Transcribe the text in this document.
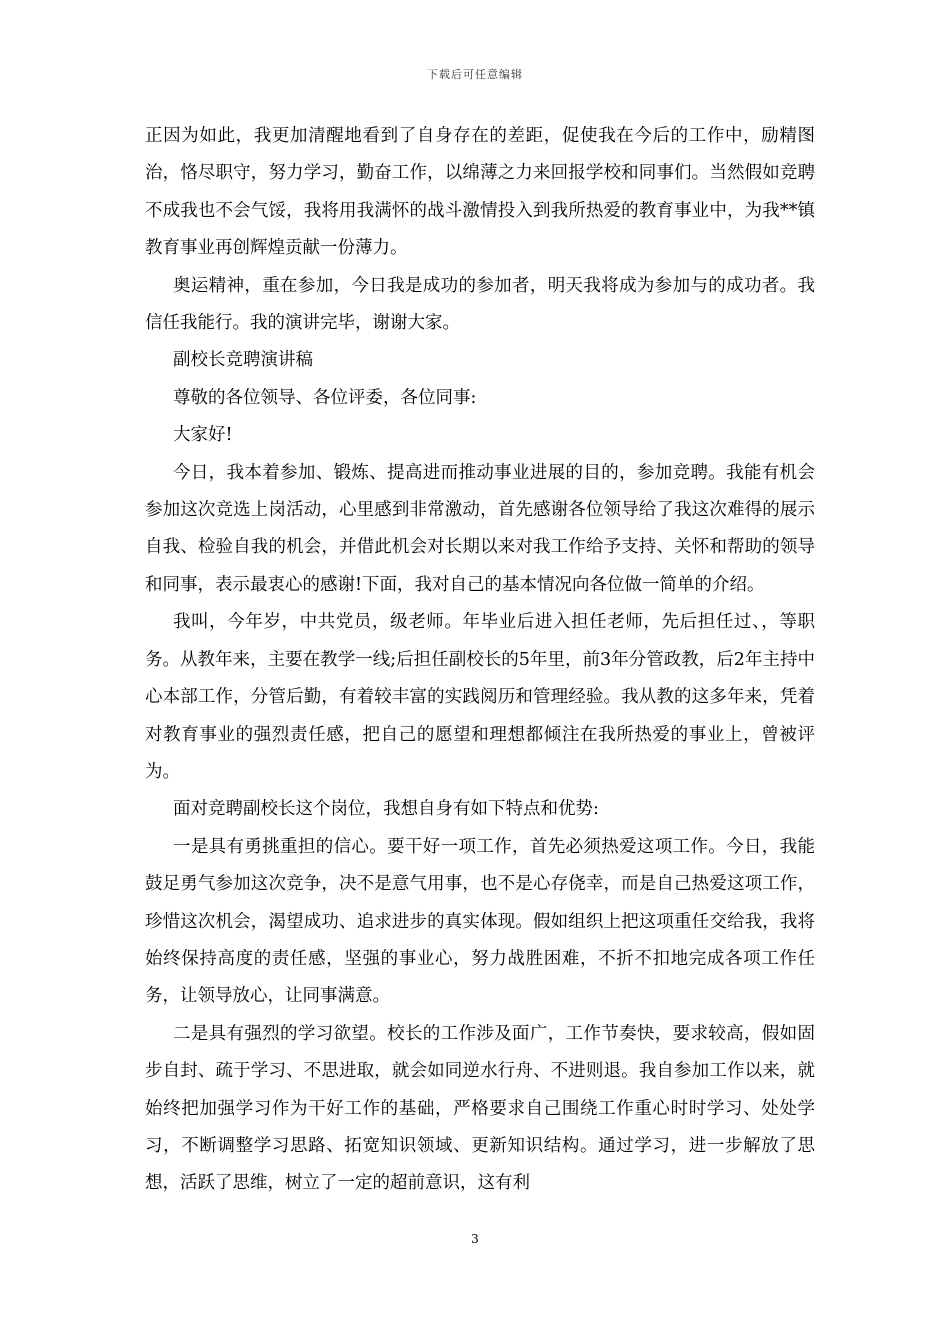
下载后可任意编辑

正因为如此，我更加清醒地看到了自身存在的差距，促使我在今后的工作中，励精图治，恪尽职守，努力学习，勤奋工作，以绵薄之力来回报学校和同事们。当然假如竞聘不成我也不会气馁，我将用我满怀的战斗激情投入到我所热爱的教育事业中，为我**镇教育事业再创辉煌贡献一份薄力。

奥运精神，重在参加，今日我是成功的参加者，明天我将成为参加与的成功者。我信任我能行。我的演讲完毕，谢谢大家。

副校长竞聘演讲稿

尊敬的各位领导、各位评委，各位同事:

大家好!

今日，我本着参加、锻炼、提高进而推动事业进展的目的，参加竞聘。我能有机会参加这次竞选上岗活动，心里感到非常激动，首先感谢各位领导给了我这次难得的展示自我、检验自我的机会，并借此机会对长期以来对我工作给予支持、关怀和帮助的领导和同事，表示最衷心的感谢!下面，我对自己的基本情况向各位做一简单的介绍。

我叫，今年岁，中共党员，级老师。年毕业后进入担任老师，先后担任过、，等职务。从教年来，主要在教学一线;后担任副校长的5年里，前3年分管政教，后2年主持中心本部工作，分管后勤，有着较丰富的实践阅历和管理经验。我从教的这多年来，凭着对教育事业的强烈责任感，把自己的愿望和理想都倾注在我所热爱的事业上，曾被评为。

面对竞聘副校长这个岗位，我想自身有如下特点和优势:

一是具有勇挑重担的信心。要干好一项工作，首先必须热爱这项工作。今日，我能鼓足勇气参加这次竞争，决不是意气用事，也不是心存侥幸，而是自己热爱这项工作，珍惜这次机会，渴望成功、追求进步的真实体现。假如组织上把这项重任交给我，我将始终保持高度的责任感，坚强的事业心，努力战胜困难，不折不扣地完成各项工作任务，让领导放心，让同事满意。

二是具有强烈的学习欲望。校长的工作涉及面广，工作节奏快，要求较高，假如固步自封、疏于学习、不思进取，就会如同逆水行舟、不进则退。我自参加工作以来，就始终把加强学习作为干好工作的基础，严格要求自己围绕工作重心时时学习、处处学习，不断调整学习思路、拓宽知识领域、更新知识结构。通过学习，进一步解放了思想，活跃了思维，树立了一定的超前意识，这有利

3
